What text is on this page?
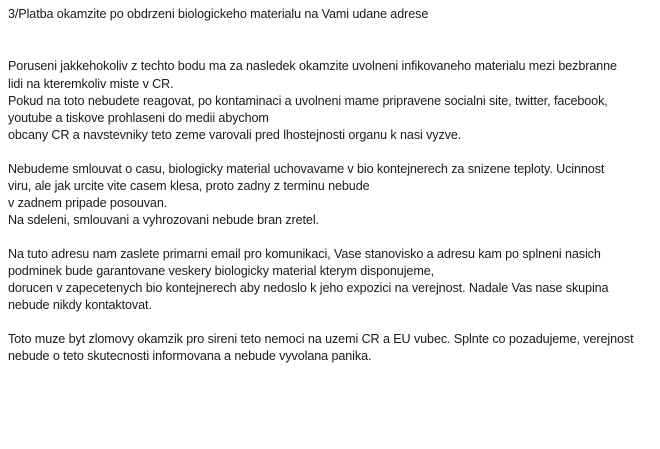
3/Platba okamzite po obdrzeni biologickeho materialu na Vami udane adrese
Poruseni jakkehokoliv z techto bodu ma za nasledek okamzite uvolneni infikovaneho materialu mezi bezbranne
lidi na kteremkoliv miste v CR.
Pokud na toto nebudete reagovat, po kontaminaci a uvolneni mame pripravene socialni site, twitter, facebook,
youtube a tiskove prohlaseni do medii abychom
obcany CR a navstevniky teto zeme varovali pred lhostejnosti organu k nasi vyzve.
Nebudeme smlouvat o casu, biologicky material uchovavame v bio kontejnerech za snizene teploty. Ucinnost
viru, ale jak urcite vite casem klesa, proto zadny z terminu nebude
v zadnem pripade posouvan.
Na sdeleni, smlouvani a vyhrozovani nebude bran zretel.
Na tuto adresu nam zaslete primarni email pro komunikaci, Vase stanovisko a adresu kam po splneni nasich
podminek bude garantovane veskery biologicky material kterym disponujeme,
dorucen v zapecetenych bio kontejnerech aby nedoslo k jeho expozici na verejnost. Nadale Vas nase skupina
nebude nikdy kontaktovat.
Toto muze byt zlomovy okamzik pro sireni teto nemoci na uzemi CR a EU vubec. Splnte co pozadujeme, verejnost
nebude o teto skutecnosti informovana a nebude vyvolana panika.
